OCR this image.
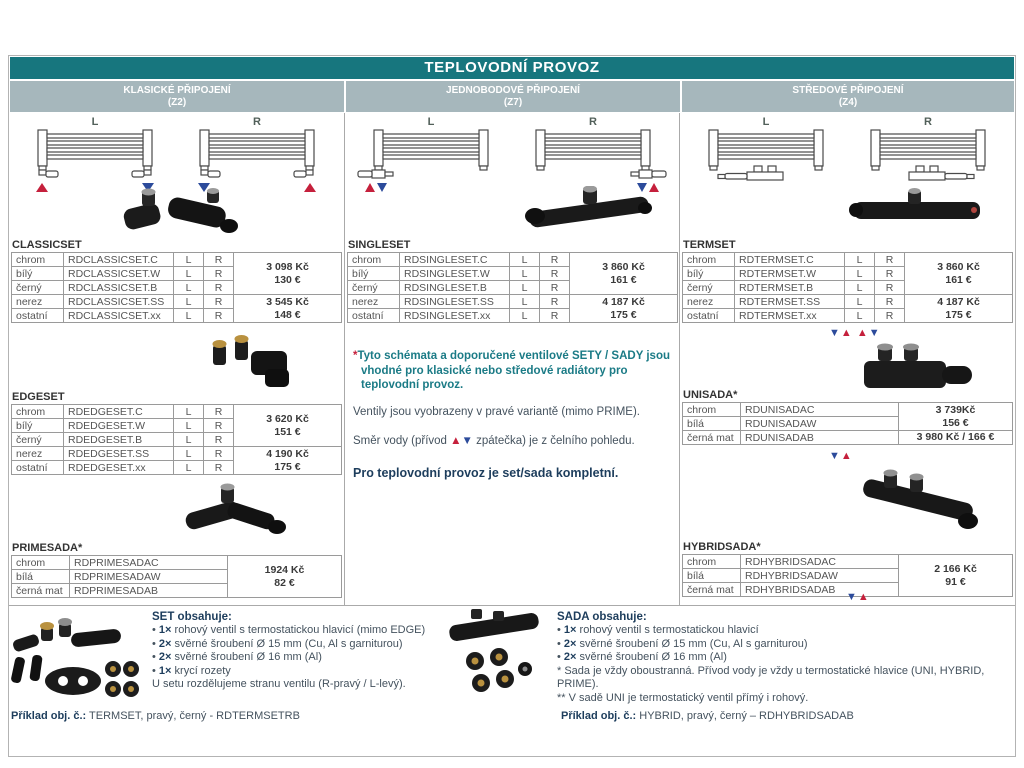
TEPLOVODNÍ PROVOZ
KLASICKÉ PŘIPOJENÍ
(Z2)
JEDNOBODOVÉ PŘIPOJENÍ
(Z7)
STŘEDOVÉ PŘIPOJENÍ
(Z4)
L	R
CLASSICSET
chrom	RDCLASSICSET.C	L	R	3 098 Kč
130 €

bílý	RDCLASSICSET.W	L	R	
černý	RDCLASSICSET.B	L	R	
nerez	RDCLASSICSET.SS	L	R	3 545 Kč
148 €

ostatní	RDCLASSICSET.xx	L	R	
EDGESET
chrom	RDEDGESET.C	L	R	3 620 Kč
151 €

bílý	RDEDGESET.W	L	R	
černý	RDEDGESET.B	L	R	
nerez	RDEDGESET.SS	L	R	4 190 Kč
175 €

ostatní	RDEDGESET.xx	L	R	
PRIMESADA*
chrom	RDPRIMESADAC	1924 Kč
82 €

bílá	RDPRIMESADAW	
černá mat	RDPRIMESADAB	
L	R
SINGLESET
chrom	RDSINGLESET.C	L	R	3 860 Kč
161 €

bílý	RDSINGLESET.W	L	R	
černý	RDSINGLESET.B	L	R	
nerez	RDSINGLESET.SS	L	R	4 187 Kč
175 €

ostatní	RDSINGLESET.xx	L	R	
*Tyto schémata a doporučené ventilové SETY / SADY jsou vhodné pro klasické nebo středové radiátory pro teplovodní provoz.
Ventily jsou vyobrazeny v pravé variantě (mimo PRIME).
Směr vody (přívod ▲▼ zpátečka) je z čelního pohledu.
Pro teplovodní provoz je set/sada kompletní.
L	R
TERMSET
chrom	RDTERMSET.C	L	R	3 860 Kč
161 €

bílý	RDTERMSET.W	L	R	
černý	RDTERMSET.B	L	R	
nerez	RDTERMSET.SS	L	R	4 187 Kč
175 €

ostatní	RDTERMSET.xx	L	R	
▼▲ ▲▼
UNISADA*
chrom	RDUNISADAC	3 739Kč
156 €

bílá	RDUNISADAW	
černá mat	RDUNISADAB	3 980 Kč / 166 €
▼▲
HYBRIDSADA*
chrom	RDHYBRIDSADAC	2 166 Kč
91 €

bílá	RDHYBRIDSADAW	
černá mat	RDHYBRIDSADAB	
▼▲
SET obsahuje:
• 1× rohový ventil s termostatickou hlavicí (mimo EDGE)
• 2× svěrné šroubení Ø 15 mm (Cu, Al s garniturou)
• 2× svěrné šroubení Ø 16 mm (Al)
• 1× krycí rozety
U setu rozdělujeme stranu ventilu (R-pravý / L-levý).
SADA obsahuje:
• 1× rohový ventil s termostatickou hlavicí
• 2× svěrné šroubení Ø 15 mm (Cu, Al s garniturou)
• 2× svěrné šroubení Ø 16 mm (Al)
* Sada je vždy oboustranná. Přívod vody je vždy u termostatické hlavice (UNI, HYBRID, PRIME).
** V sadě UNI je termostatický ventil přímý i rohový.
Příklad obj. č.: TERMSET, pravý, černý - RDTERMSETRB	Příklad obj. č.: HYBRID, pravý, černý – RDHYBRIDSADAB
